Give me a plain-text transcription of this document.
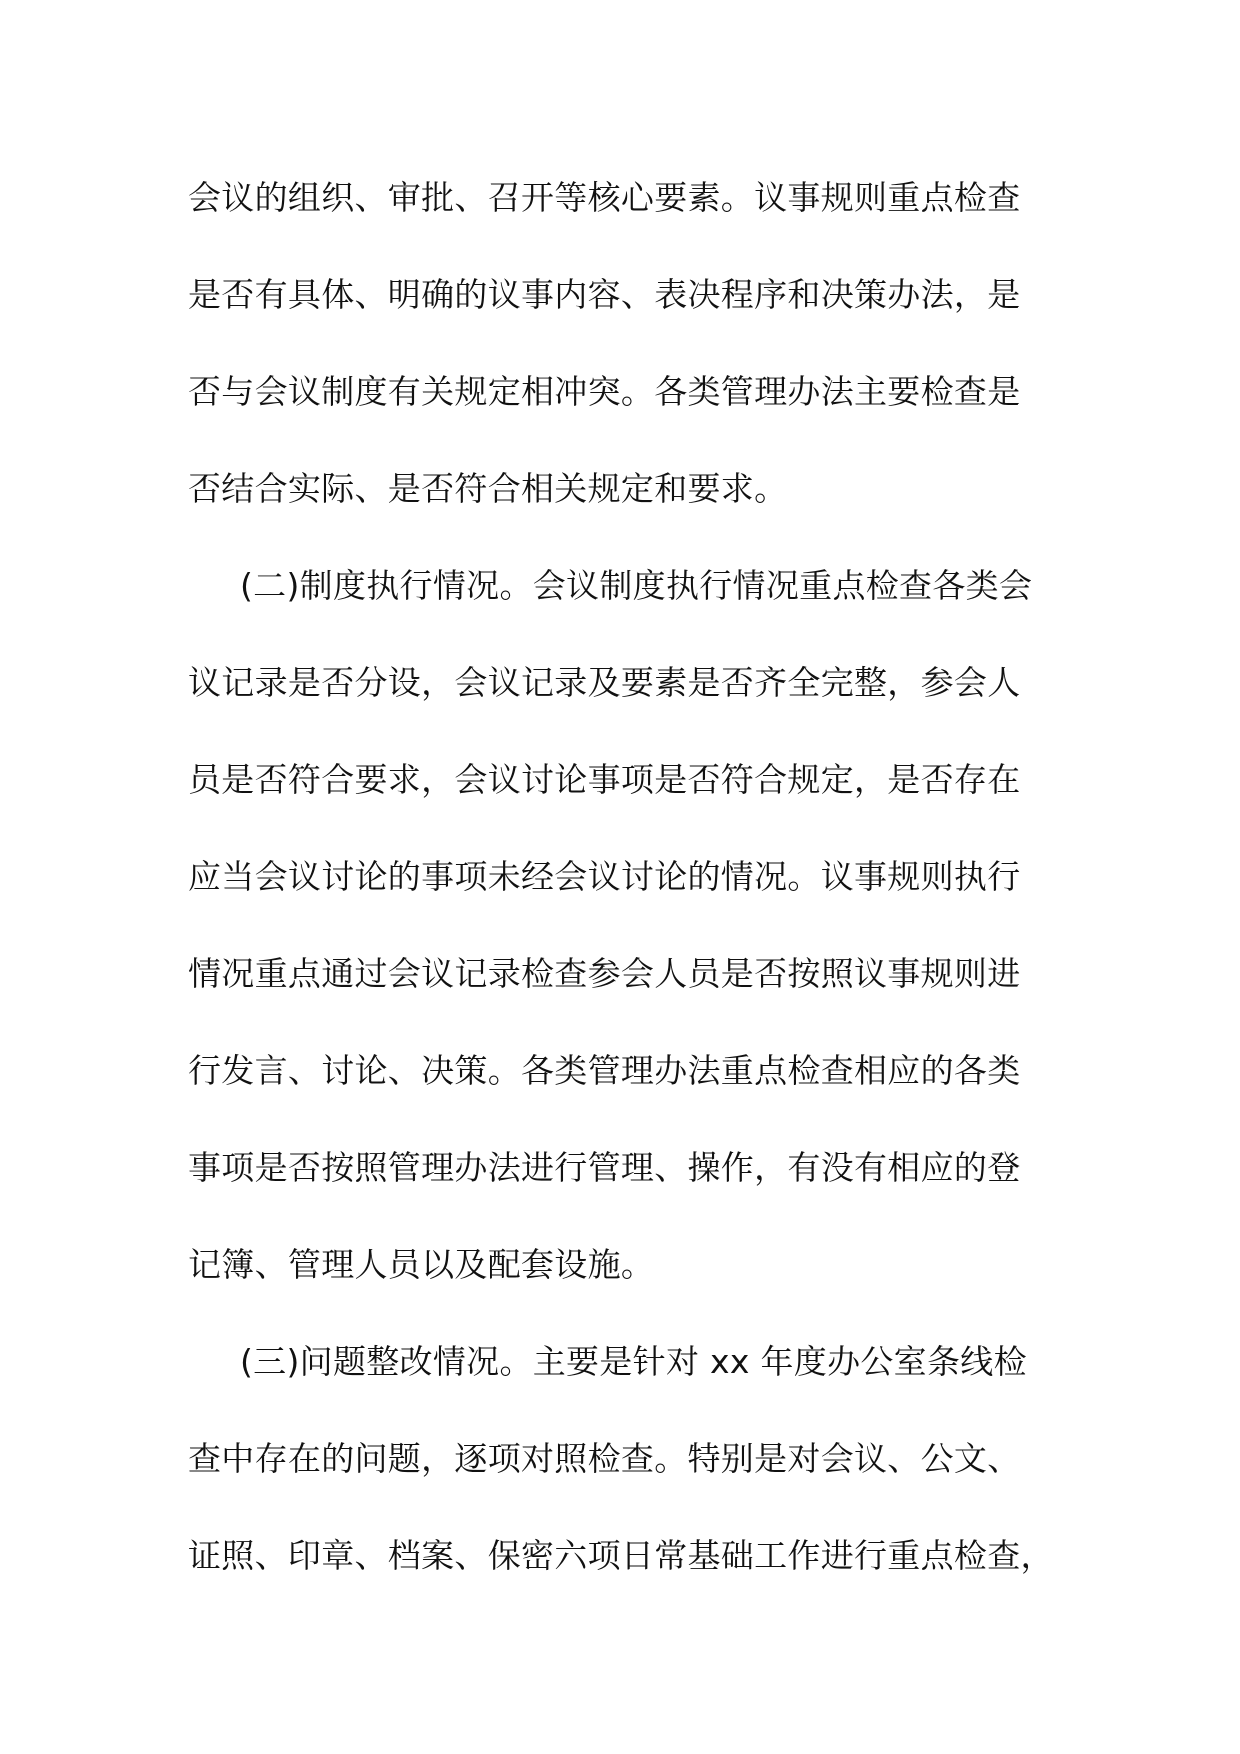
会议的组织、审批、召开等核心要素。议事规则重点检查
是否有具体、明确的议事内容、表决程序和决策办法，是
否与会议制度有关规定相冲突。各类管理办法主要检查是
否结合实际、是否符合相关规定和要求。
(二)制度执行情况。会议制度执行情况重点检查各类会
议记录是否分设，会议记录及要素是否齐全完整，参会人
员是否符合要求，会议讨论事项是否符合规定，是否存在
应当会议讨论的事项未经会议讨论的情况。议事规则执行
情况重点通过会议记录检查参会人员是否按照议事规则进
行发言、讨论、决策。各类管理办法重点检查相应的各类
事项是否按照管理办法进行管理、操作，有没有相应的登
记簿、管理人员以及配套设施。
(三)问题整改情况。主要是针对 xx 年度办公室条线检
查中存在的问题，逐项对照检查。特别是对会议、公文、
证照、印章、档案、保密六项日常基础工作进行重点检查，
